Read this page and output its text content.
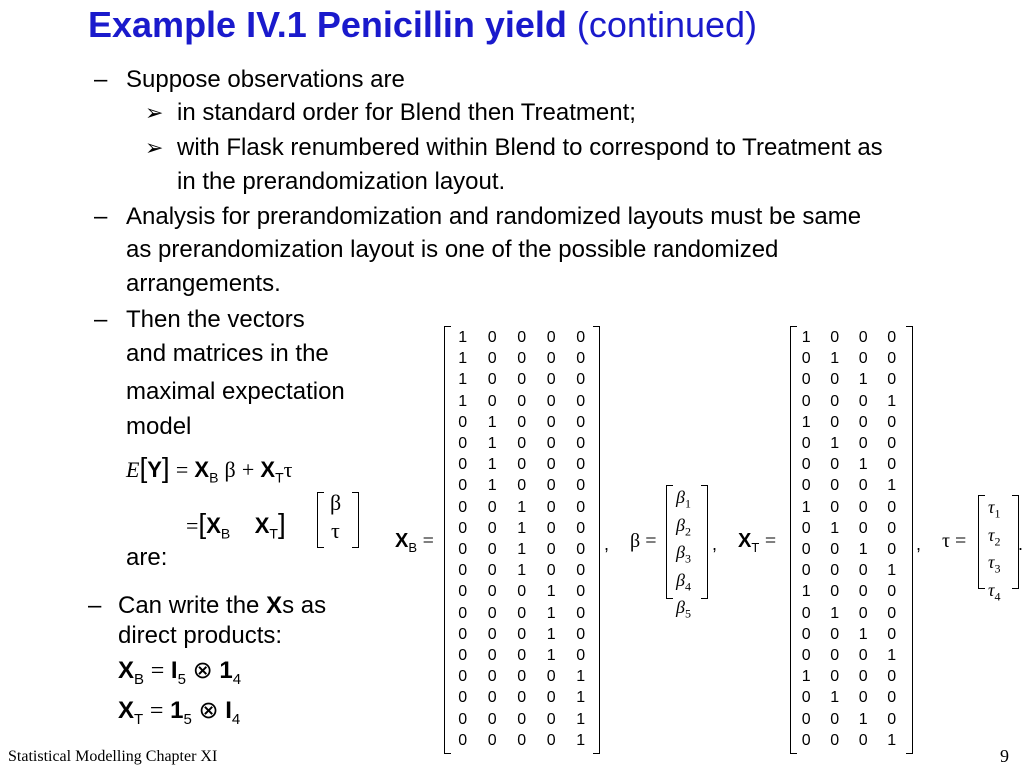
Example IV.1 Penicillin yield (continued)
– Suppose observations are
➢ in standard order for Blend then Treatment;
➢ with Flask renumbered within Blend to correspond to Treatment as
in the prerandomization layout.
– Analysis for prerandomization and randomized layouts must be same
as prerandomization layout is one of the possible randomized
arrangements.
– Then the vectors
and matrices in the
maximal expectation
model
$E[Y] = X_B$ $\beta + X_T\tau$
$=[X_B$ $X_T$]
β
τ
are:
– Can write the Xs as
direct products:
$X_B = I_5$ ⊗ $1_4$
$X_T = 1_5$ ⊗ $I_4$
$X_B$ =
1	0	0	0	0
1	0	0	0	0
1	0	0	0	0
1	0	0	0	0
0	1	0	0	0
0	1	0	0	0
0	1	0	0	0
0	1	0	0	0
0	0	1	0	0
0	0	1	0	0
0	0	1	0	0
0	0	1	0	0
0	0	0	1	0
0	0	0	1	0
0	0	0	1	0
0	0	0	1	0
0	0	0	0	1
0	0	0	0	1
0	0	0	0	1
0	0	0	0	1
, β =
$\beta_1$
$\beta_2$
$\beta_3$
$\beta_4$
$\beta_5$
, $X_T$ =
1	0	0	0
0	1	0	0
0	0	1	0
0	0	0	1
1	0	0	0
0	1	0	0
0	0	1	0
0	0	0	1
1	0	0	0
0	1	0	0
0	0	1	0
0	0	0	1
1	0	0	0
0	1	0	0
0	0	1	0
0	0	0	1
1	0	0	0
0	1	0	0
0	0	1	0
0	0	0	1
, τ =
$\tau_1$
$\tau_2$
$\tau_3$
$\tau_4$
.
Statistical Modelling Chapter XI	9
